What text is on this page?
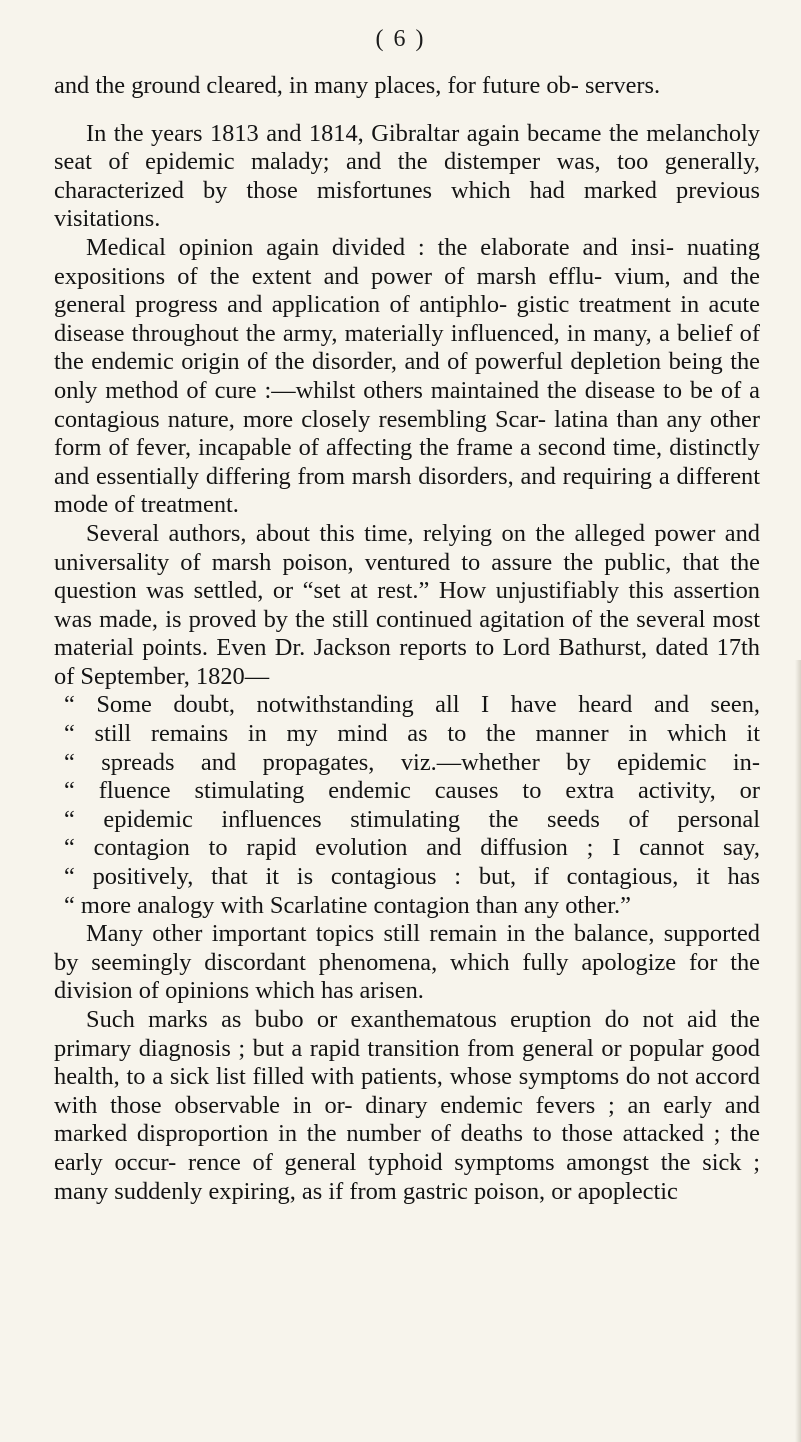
( 6 )

and the ground cleared, in many places, for future ob- servers.

In the years 1813 and 1814, Gibraltar again became the melancholy seat of epidemic malady; and the distemper was, too generally, characterized by those misfortunes which had marked previous visitations.

Medical opinion again divided : the elaborate and insi- nuating expositions of the extent and power of marsh efflu- vium, and the general progress and application of antiphlo- gistic treatment in acute disease throughout the army, materially influenced, in many, a belief of the endemic origin of the disorder, and of powerful depletion being the only method of cure :—whilst others maintained the disease to be of a contagious nature, more closely resembling Scar- latina than any other form of fever, incapable of affecting the frame a second time, distinctly and essentially differing from marsh disorders, and requiring a different mode of treatment.

Several authors, about this time, relying on the alleged power and universality of marsh poison, ventured to assure the public, that the question was settled, or “set at rest.” How unjustifiably this assertion was made, is proved by the still continued agitation of the several most material points. Even Dr. Jackson reports to Lord Bathurst, dated 17th of September, 1820—

“ Some doubt, notwithstanding all I have heard and seen,
“ still remains in my mind as to the manner in which it
“ spreads and propagates, viz.—whether by epidemic in-
“ fluence stimulating endemic causes to extra activity, or
“ epidemic influences stimulating the seeds of personal
“ contagion to rapid evolution and diffusion ; I cannot say,
“ positively, that it is contagious : but, if contagious, it has
“ more analogy with Scarlatine contagion than any other.”

Many other important topics still remain in the balance, supported by seemingly discordant phenomena, which fully apologize for the division of opinions which has arisen.

Such marks as bubo or exanthematous eruption do not aid the primary diagnosis ; but a rapid transition from general or popular good health, to a sick list filled with patients, whose symptoms do not accord with those observable in or- dinary endemic fevers ; an early and marked disproportion in the number of deaths to those attacked ; the early occur- rence of general typhoid symptoms amongst the sick ; many suddenly expiring, as if from gastric poison, or apoplectic
